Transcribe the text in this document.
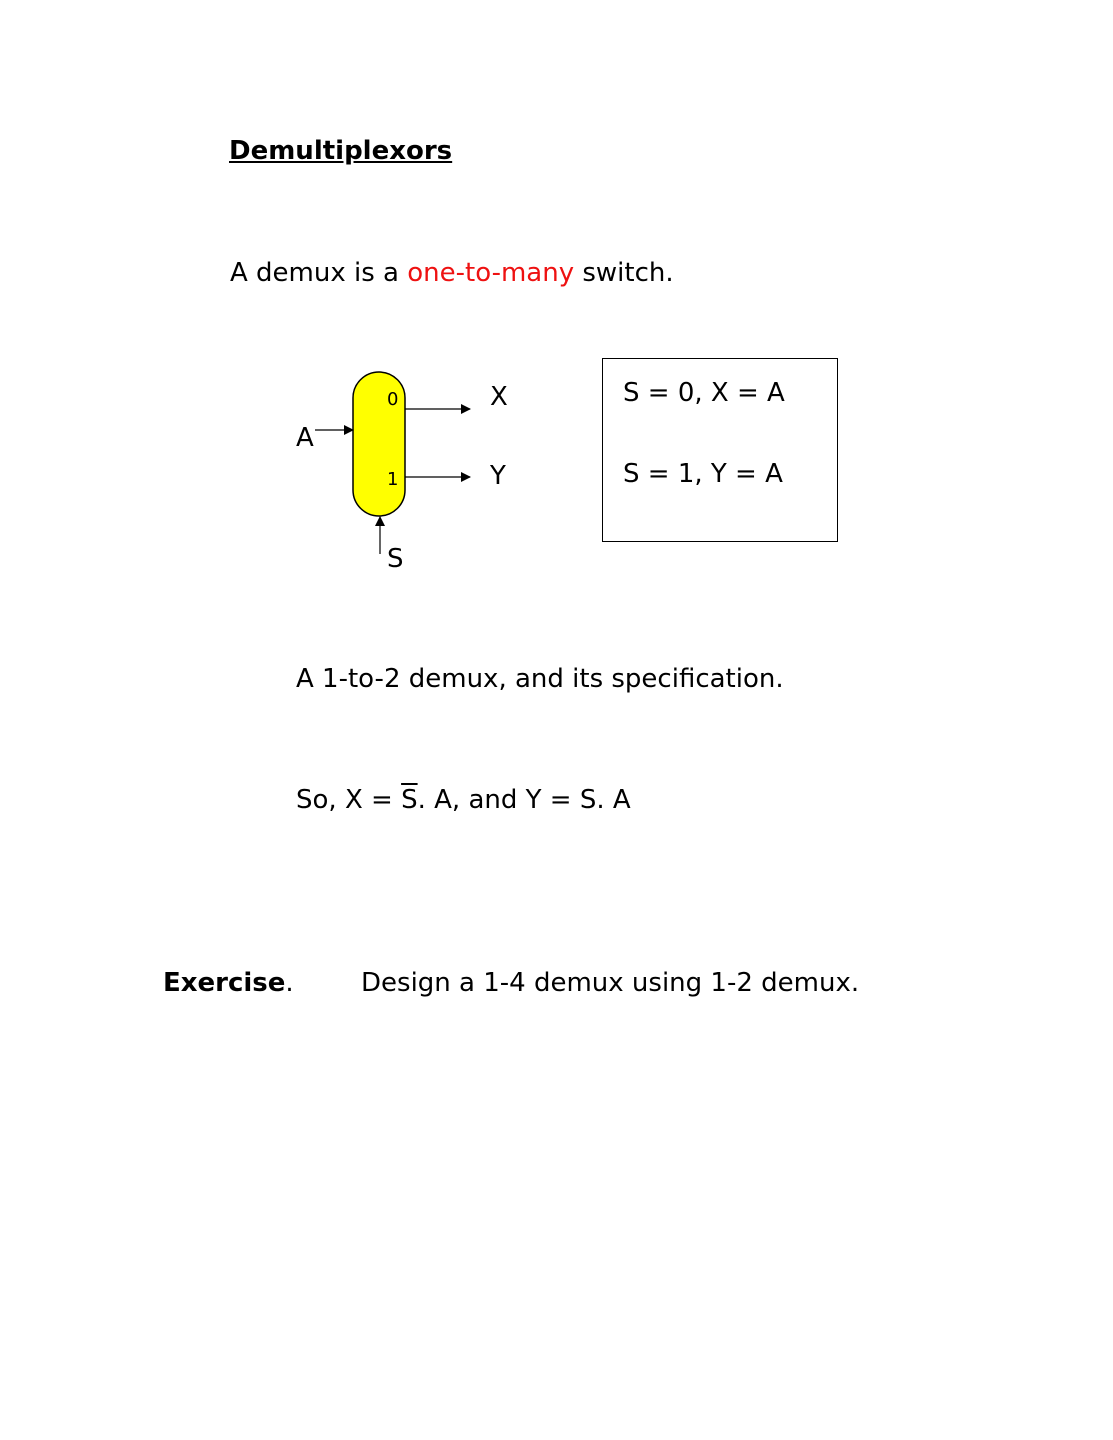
Demultiplexors
A demux is a one-to-many switch.
A
0
1
X
Y
S
S = 0, X = A
S = 1, Y = A
A 1-to-2 demux, and its specification.
So, $X = \overline{S}$. A, and Y = S. A
Exercise.	Design a 1-4 demux using 1-2 demux.
